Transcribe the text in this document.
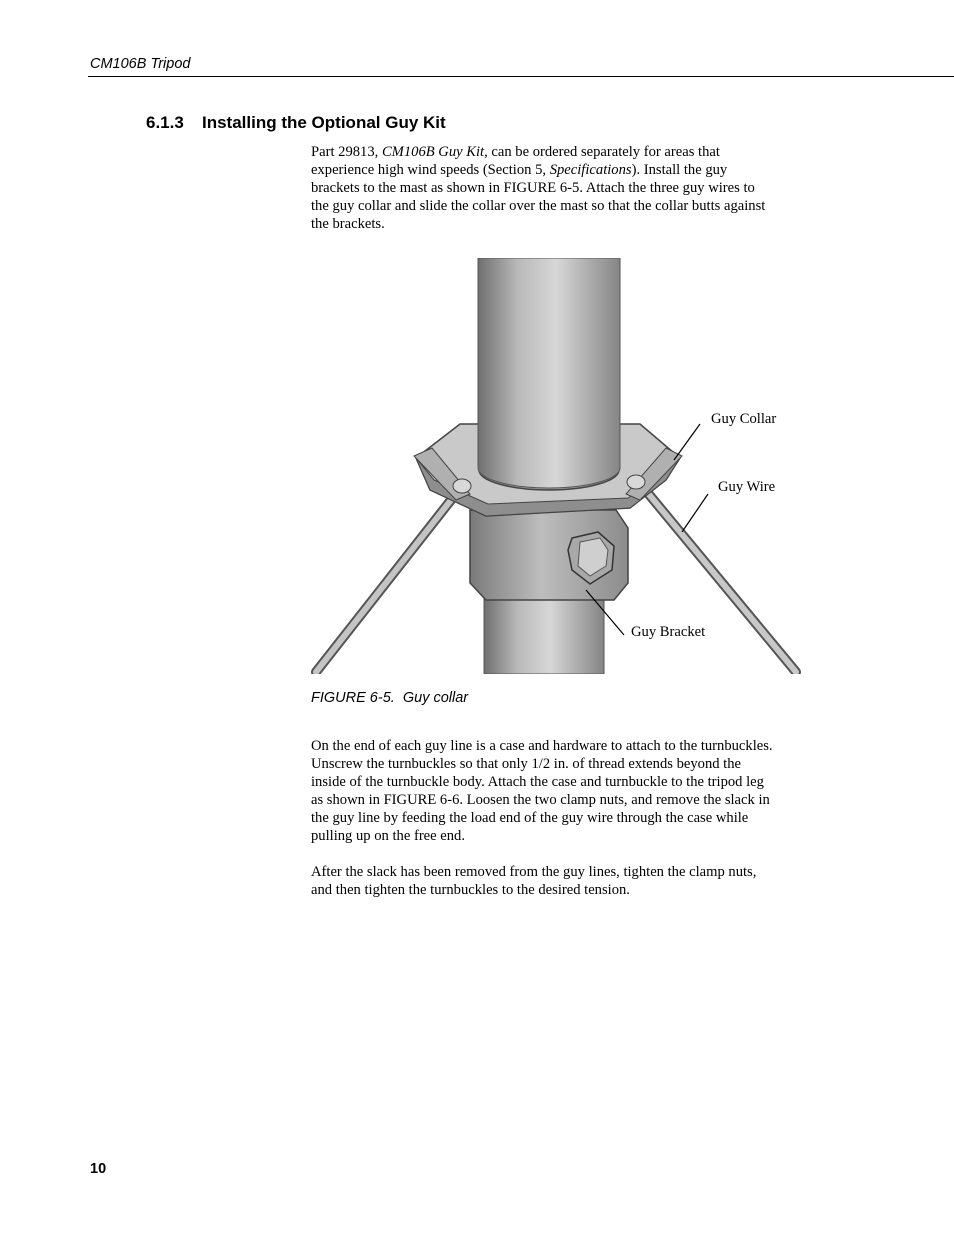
CM106B Tripod
6.1.3 Installing the Optional Guy Kit

Part 29813, CM106B Guy Kit, can be ordered separately for areas that
experience high wind speeds (Section 5, Specifications). Install the guy
brackets to the mast as shown in FIGURE 6-5. Attach the three guy wires to
the guy collar and slide the collar over the mast so that the collar butts against
the brackets.

Guy Collar
Guy Wire
Guy Bracket
FIGURE 6-5.  Guy collar

On the end of each guy line is a case and hardware to attach to the turnbuckles.
Unscrew the turnbuckles so that only 1/2 in. of thread extends beyond the
inside of the turnbuckle body. Attach the case and turnbuckle to the tripod leg
as shown in FIGURE 6-6. Loosen the two clamp nuts, and remove the slack in
the guy line by feeding the load end of the guy wire through the case while
pulling up on the free end.

After the slack has been removed from the guy lines, tighten the clamp nuts,
and then tighten the turnbuckles to the desired tension.

10
